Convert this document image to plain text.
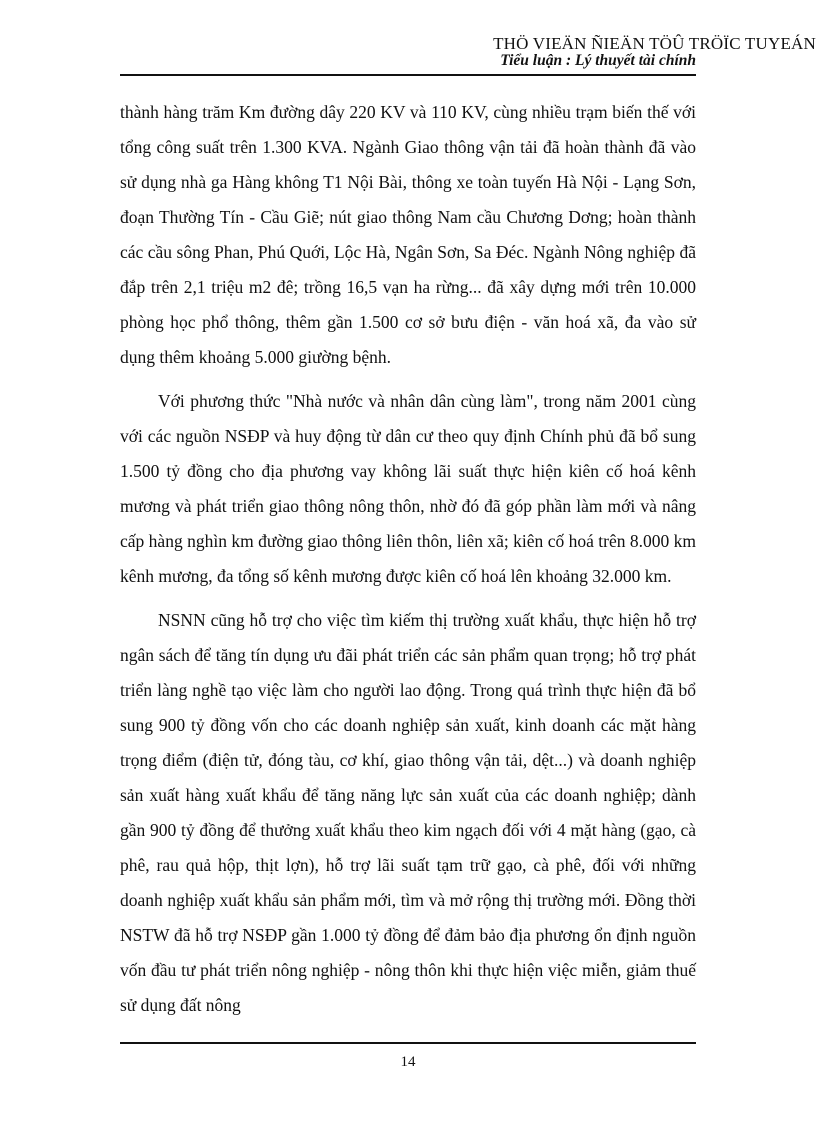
THÖ VIEÄN ÑIEÄN TÖÛ TRÖÏC TUYEÁN
Tiểu luận : Lý thuyết tài chính

thành hàng trăm Km đường dây 220 KV và 110 KV, cùng nhiều trạm biến thế với tổng công suất trên 1.300 KVA. Ngành Giao thông vận tải đã hoàn thành đã vào sử dụng nhà ga Hàng không T1 Nội Bài, thông xe toàn tuyến Hà Nội - Lạng Sơn, đoạn Thường Tín - Cầu Giẽ; nút giao thông Nam cầu Chương Dơng; hoàn thành các cầu sông Phan, Phú Quới, Lộc Hà, Ngân Sơn, Sa Đéc. Ngành Nông nghiệp đã đắp trên 2,1 triệu m2 đê; trồng 16,5 vạn ha rừng... đã xây dựng mới trên 10.000 phòng học phổ thông, thêm gần 1.500 cơ sở bưu điện - văn hoá xã, đa vào sử dụng thêm khoảng 5.000 giường bệnh.

Với phương thức "Nhà nước và nhân dân cùng làm", trong năm 2001 cùng với các nguồn NSĐP và huy động từ dân cư theo quy định Chính phủ đã bổ sung 1.500 tỷ đồng cho địa phương vay không lãi suất thực hiện kiên cố hoá kênh mương và phát triển giao thông nông thôn, nhờ đó đã góp phần làm mới và nâng cấp hàng nghìn km đường giao thông liên thôn, liên xã; kiên cố hoá trên 8.000 km kênh mương, đa tổng số kênh mương được kiên cố hoá lên khoảng 32.000 km.

NSNN cũng hỗ trợ cho việc tìm kiếm thị trường xuất khẩu, thực hiện hỗ trợ ngân sách để tăng tín dụng ưu đãi phát triển các sản phẩm quan trọng; hỗ trợ phát triển làng nghề tạo việc làm cho người lao động. Trong quá trình thực hiện đã bổ sung 900 tỷ đồng vốn cho các doanh nghiệp sản xuất, kinh doanh các mặt hàng trọng điểm (điện tử, đóng tàu, cơ khí, giao thông vận tải, dệt...) và doanh nghiệp sản xuất hàng xuất khẩu để tăng năng lực sản xuất của các doanh nghiệp; dành gần 900 tỷ đồng để thưởng xuất khẩu theo kim ngạch đối với 4 mặt hàng (gạo, cà phê, rau quả hộp, thịt lợn), hỗ trợ lãi suất tạm trữ gạo, cà phê, đối với những doanh nghiệp xuất khẩu sản phẩm mới, tìm và mở rộng thị trường mới. Đồng thời NSTW đã hỗ trợ NSĐP gần 1.000 tỷ đồng để đảm bảo địa phương ổn định nguồn vốn đầu tư phát triển nông nghiệp - nông thôn khi thực hiện việc miễn, giảm thuế sử dụng đất nông

14
